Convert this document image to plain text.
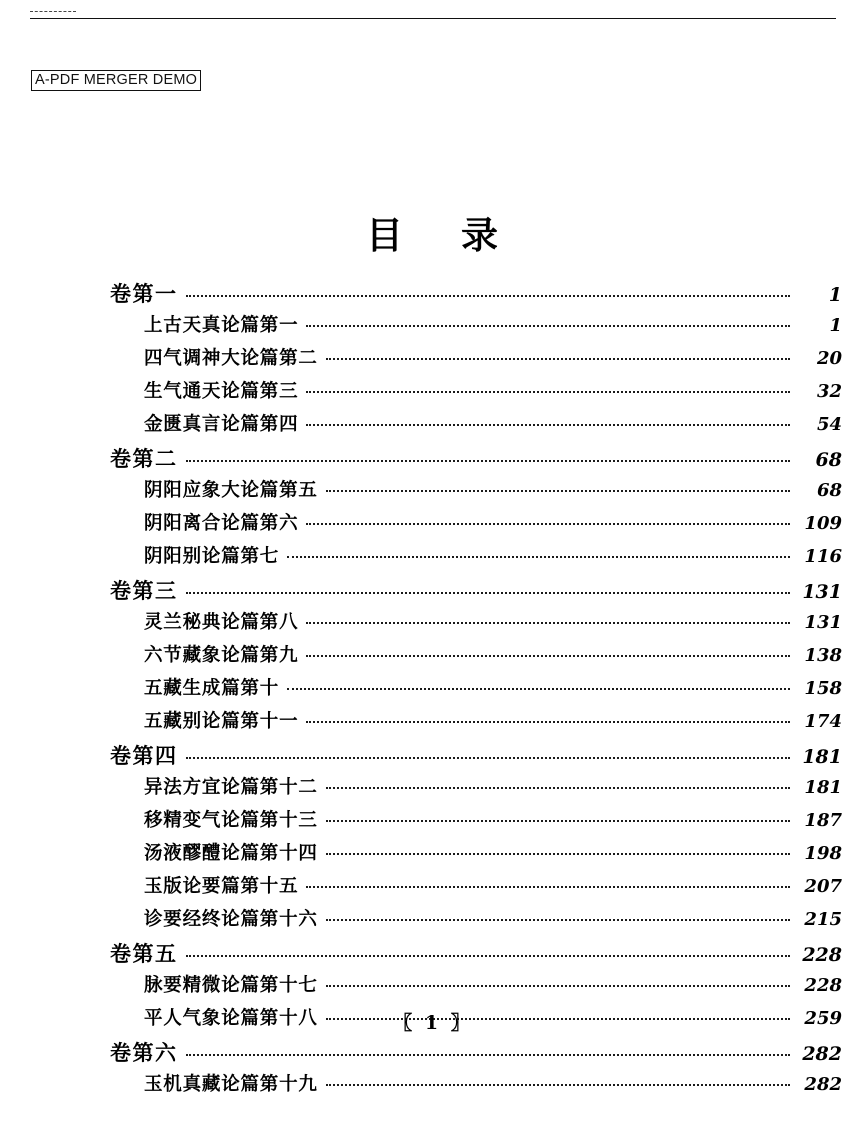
A-PDF MERGER DEMO
目 录
卷第一	1
上古天真论篇第一	1
四气调神大论篇第二	20
生气通天论篇第三	32
金匮真言论篇第四	54
卷第二	68
阴阳应象大论篇第五	68
阴阳离合论篇第六	109
阴阳别论篇第七	116
卷第三	131
灵兰秘典论篇第八	131
六节藏象论篇第九	138
五藏生成篇第十	158
五藏别论篇第十一	174
卷第四	181
异法方宜论篇第十二	181
移精变气论篇第十三	187
汤液醪醴论篇第十四	198
玉版论要篇第十五	207
诊要经终论篇第十六	215
卷第五	228
脉要精微论篇第十七	228
平人气象论篇第十八	259
卷第六	282
玉机真藏论篇第十九	282
〖 1 〗
